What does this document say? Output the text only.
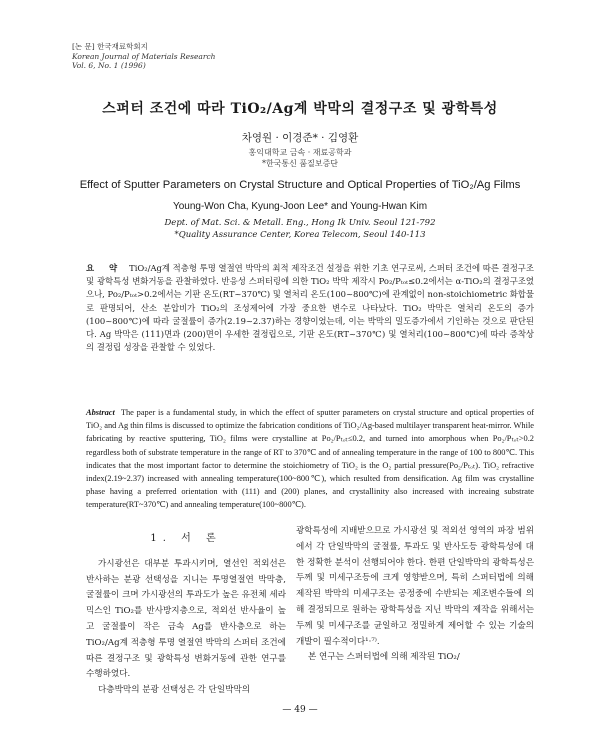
[논 문] 한국재료학회지
Korean Journal of Materials Research
Vol. 6, No. 1 (1996)
스퍼터 조건에 따라 TiO₂/Ag계 박막의 결정구조 및 광학특성
차영원 · 이경준* · 김영환
홍익대학교 금속 · 재료공학과
*한국통신 품질보증단
Effect of Sputter Parameters on Crystal Structure and Optical Properties of TiO₂/Ag Films
Young-Won Cha, Kyung-Joon Lee* and Young-Hwan Kim
Dept. of Mat. Sci. & Metall. Eng., Hong Ik Univ. Seoul 121-792
*Quality Assurance Center, Korea Telecom, Seoul 140-113
요 약 TiO₂/Ag계 적층형 투명 열절연 박막의 최적 제작조건 설정을 위한 기초 연구로써, 스퍼터 조건에 따른 결정구조 및 광학특성 변화거동을 관찰하였다. 반응성 스퍼터링에 의한 TiO₂ 박막 제작시 Po₂/Pₜₒₜ≤0.2에서는 α-TiO₂의 결정구조였으나, Po₂/Pₜₒₜ>0.2에서는 기판 온도(RT~370℃) 및 열처리 온도(100~800℃)에 관계없이 non-stoichiometric 화합물로 판명되어, 산소 분압비가 TiO₂의 조성제어에 가장 중요한 변수로 나타났다. TiO₂ 박막은 열처리 온도의 증가(100~800℃)에 따라 굴절률이 증가(2.19~2.37)하는 경향이었는데, 이는 박막의 밀도증가에서 기인하는 것으로 판단된다. Ag 박막은 (111)면과 (200)면이 우세한 결정립으로, 기판 온도(RT~370℃) 및 열처리(100~800℃)에 따라 증착상의 결정립 성장을 관찰할 수 있었다.
Abstract The paper is a fundamental study, in which the effect of sputter parameters on crystal structure and optical properties of TiO₂ and Ag thin films is discussed to optimize the fabrication conditions of TiO₂/Ag-based multilayer transparent heat-mirror. While fabricating by reactive sputtering, TiO₂ films were crystalline at Po₂/Pₜₒₜ≤0.2, and turned into amorphous when Po₂/Pₜₒₜ>0.2 regardless both of substrate temperature in the range of RT to 370℃ and of annealing temperature in the range of 100 to 800℃. This indicates that the most important factor to determine the stoichiometry of TiO₂ is the O₂ partial pressure(Po₂/Pₜₒₜ). TiO₂ refractive index(2.19~2.37) increased with annealing temperature(100~800℃), which resulted from densification. Ag film was crystalline phase having a preferred orientation with (111) and (200) planes, and crystallinity also increased with increaing substrate temperature(RT~370℃) and annealing temperature(100~800℃).
1. 서 론

가시광선은 대부분 투과시키며, 열선인 적외선은 반사하는 분광 선택성을 지니는 투명열절연 박막층, 굴절률이 크며 가시광선의 투과도가 높은 유전체 세라믹스인 TiO₂를 반사방지층으로, 적외선 반사율이 높고 굴절률이 작은 금속 Ag를 반사층으로 하는 TiO₂/Ag계 적층형 투명 열절연 박막의 스퍼터 조건에 따른 결정구조 및 광학특성 변화거동에 관한 연구를 수행하였다.

다층박막의 분광 선택성은 각 단일박막의

광학특성에 지배받으므로 가시광선 및 적외선 영역의 파장 범위에서 각 단일박막의 굴절률, 투과도 및 반사도등 광학특성에 대한 정확한 분석이 선행되어야 한다. 한편 단일박막의 광학특성은 두께 및 미세구조등에 크게 영향받으며, 특히 스퍼터법에 의해 제작된 박막의 미세구조는 공정중에 수반되는 제조변수들에 의해 결정되므로 원하는 광학특성을 지닌 박막의 제작을 위해서는 두께 및 미세구조를 균일하고 정밀하게 제어할 수 있는 기술의 개발이 필수적이다¹·⁷⁾.

본 연구는 스퍼터법에 의해 제작된 TiO₂/

— 49 —
